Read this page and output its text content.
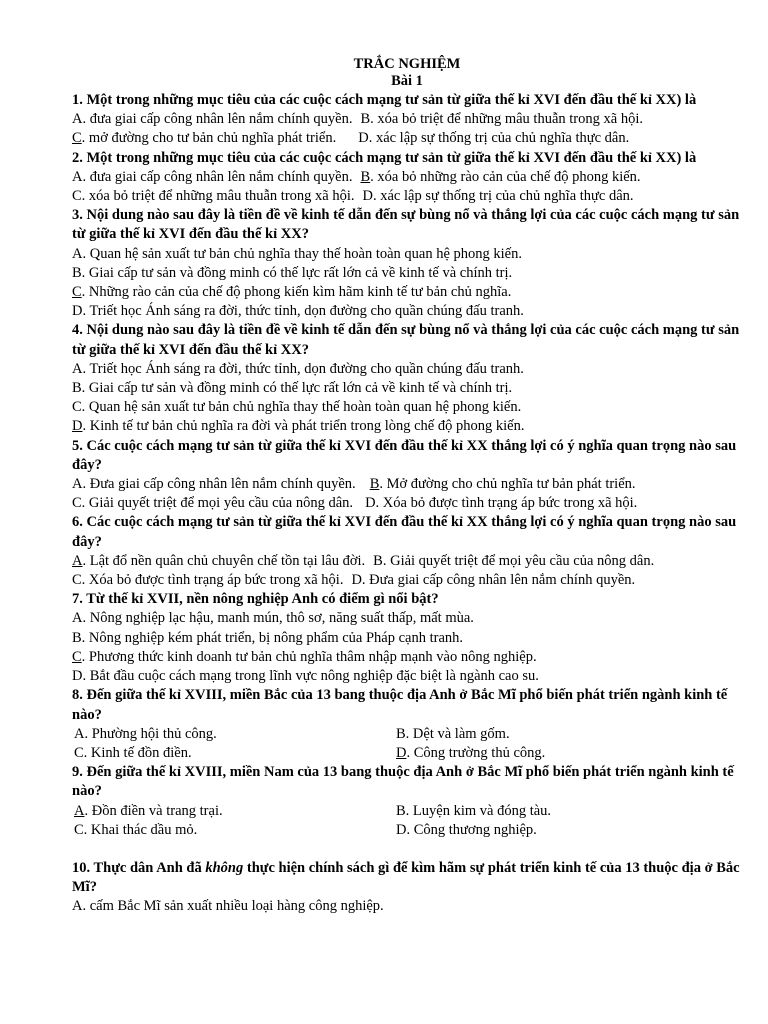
TRẮC NGHIỆM

Bài 1

1. Một trong những mục tiêu của các cuộc cách mạng tư sản từ giữa thế kỉ XVI đến đầu thế kỉ XX) là

A. đưa giai cấp công nhân lên nắm chính quyền. B. xóa bỏ triệt để những mâu thuẫn trong xã hội.
C. mở đường cho tư bản chủ nghĩa phát triển. D. xác lập sự thống trị của chủ nghĩa thực dân.

2. Một trong những mục tiêu của các cuộc cách mạng tư sản từ giữa thế kỉ XVI đến đầu thế kỉ XX) là

A. đưa giai cấp công nhân lên nắm chính quyền. B. xóa bỏ những rào cản của chế độ phong kiến.
C. xóa bỏ triệt để những mâu thuẫn trong xã hội. D. xác lập sự thống trị của chủ nghĩa thực dân.

3. Nội dung nào sau đây là tiền đề về kinh tế dẫn đến sự bùng nổ và thắng lợi của các cuộc cách mạng tư sản từ giữa thế kỉ XVI đến đầu thế kỉ XX?

A. Quan hệ sản xuất tư bản chủ nghĩa thay thế hoàn toàn quan hệ phong kiến.

B. Giai cấp tư sản và đồng minh có thế lực rất lớn cả về kinh tế và chính trị.

C. Những rào cản của chế độ phong kiến kìm hãm kinh tế tư bản chủ nghĩa.

D. Triết học Ánh sáng ra đời, thức tỉnh, dọn đường cho quần chúng đấu tranh.

4. Nội dung nào sau đây là tiền đề về kinh tế dẫn đến sự bùng nổ và thắng lợi của các cuộc cách mạng tư sản từ giữa thế kỉ XVI đến đầu thế kỉ XX?

A. Triết học Ánh sáng ra đời, thức tỉnh, dọn đường cho quần chúng đấu tranh.

B. Giai cấp tư sản và đồng minh có thế lực rất lớn cả về kinh tế và chính trị.

C. Quan hệ sản xuất tư bản chủ nghĩa thay thế hoàn toàn quan hệ phong kiến.

D. Kinh tế tư bản chủ nghĩa ra đời và phát triển trong lòng chế độ phong kiến.

5. Các cuộc cách mạng tư sản từ giữa thế kỉ XVI đến đầu thế kỉ XX thắng lợi có ý nghĩa quan trọng nào sau đây?

A. Đưa giai cấp công nhân lên nắm chính quyền. B. Mở đường cho chủ nghĩa tư bản phát triển.
C. Giải quyết triệt để mọi yêu cầu của nông dân. D. Xóa bỏ được tình trạng áp bức trong xã hội.

6. Các cuộc cách mạng tư sản từ giữa thế kỉ XVI đến đầu thế kỉ XX thắng lợi có ý nghĩa quan trọng nào sau đây?

A. Lật đổ nền quân chủ chuyên chế tồn tại lâu đời. B. Giải quyết triệt để mọi yêu cầu của nông dân.
C. Xóa bỏ được tình trạng áp bức trong xã hội. D. Đưa giai cấp công nhân lên nắm chính quyền.

7. Từ thế kỉ XVII, nền nông nghiệp Anh có điểm gì nổi bật?

A. Nông nghiệp lạc hậu, manh mún, thô sơ, năng suất thấp, mất mùa.

B. Nông nghiệp kém phát triển, bị nông phẩm của Pháp cạnh tranh.

C. Phương thức kinh doanh tư bản chủ nghĩa thâm nhập mạnh vào nông nghiệp.

D. Bắt đầu cuộc cách mạng trong lĩnh vực nông nghiệp đặc biệt là ngành cao su.

8. Đến giữa thế kỉ XVIII, miền Bắc của 13 bang thuộc địa Anh ở Bắc Mĩ phổ biến phát triển ngành kinh tế nào?

A. Phường hội thủ công.	B. Dệt và làm gốm.
C. Kinh tế đồn điền.	D. Công trường thủ công.

9. Đến giữa thế kỉ XVIII, miền Nam của 13 bang thuộc địa Anh ở Bắc Mĩ phổ biến phát triển ngành kinh tế nào?

A. Đồn điền và trang trại.	B. Luyện kim và đóng tàu.
C. Khai thác dầu mỏ.	D. Công thương nghiệp.

10. Thực dân Anh đã không thực hiện chính sách gì để kìm hãm sự phát triển kinh tế của 13 thuộc địa ở Bắc Mĩ?

A. cấm Bắc Mĩ sản xuất nhiều loại hàng công nghiệp.
